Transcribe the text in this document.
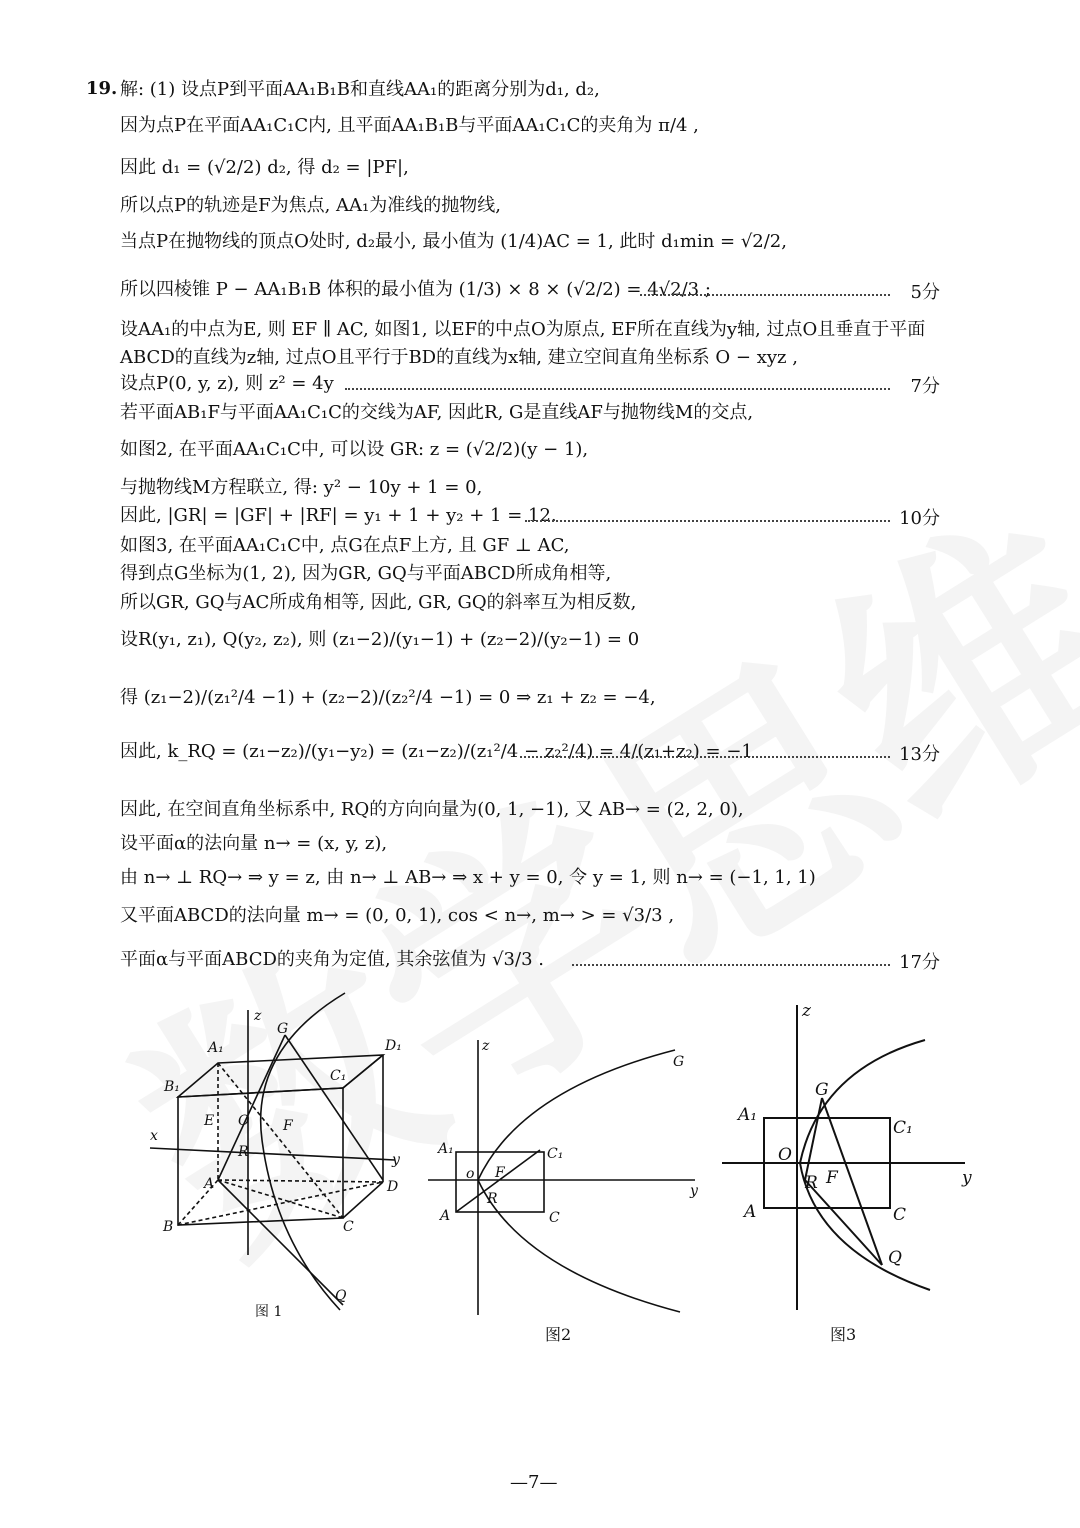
19. 解: (1) 设点P到平面AA₁B₁B和直线AA₁的距离分别为d₁, d₂,
因为点P在平面AA₁C₁C内, 且平面AA₁B₁B与平面AA₁C₁C的夹角为 π/4 ,
因此 d₁ = (√2/2) d₂, 得 d₂ = |PF|,
所以点P的轨迹是F为焦点, AA₁为准线的抛物线,
当点P在抛物线的顶点O处时, d₂最小, 最小值为 (1/4)AC = 1, 此时 d₁min = √2/2,
所以四棱锥 P − AA₁B₁B 体积的最小值为 (1/3) × 8 × (√2/2) = 4√2/3 ;	5分
设AA₁的中点为E, 则 EF ∥ AC, 如图1, 以EF的中点O为原点, EF所在直线为y轴, 过点O且垂直于平面
ABCD的直线为z轴, 过点O且平行于BD的直线为x轴, 建立空间直角坐标系 O − xyz ,
设点P(0, y, z), 则 z² = 4y	7分
若平面AB₁F与平面AA₁C₁C的交线为AF, 因此R, G是直线AF与抛物线M的交点,
如图2, 在平面AA₁C₁C中, 可以设 GR: z = (√2/2)(y − 1),
与抛物线M方程联立, 得: y² − 10y + 1 = 0,
因此, |GR| = |GF| + |RF| = y₁ + 1 + y₂ + 1 = 12.	10分
如图3, 在平面AA₁C₁C中, 点G在点F上方, 且 GF ⊥ AC,
得到点G坐标为(1, 2), 因为GR, GQ与平面ABCD所成角相等,
所以GR, GQ与AC所成角相等, 因此, GR, GQ的斜率互为相反数,
设R(y₁, z₁), Q(y₂, z₂), 则 (z₁−2)/(y₁−1) + (z₂−2)/(y₂−1) = 0
得 (z₁−2)/(z₁²/4 −1) + (z₂−2)/(z₂²/4 −1) = 0 ⇒ z₁ + z₂ = −4,
因此, k_RQ = (z₁−z₂)/(y₁−y₂) = (z₁−z₂)/(z₁²/4 − z₂²/4) = 4/(z₁+z₂) = −1	13分
因此, 在空间直角坐标系中, RQ的方向向量为(0, 1, −1), 又 AB→ = (2, 2, 0),
设平面α的法向量 n→ = (x, y, z),
由 n→ ⊥ RQ→ ⇒ y = z, 由 n→ ⊥ AB→ ⇒ x + y = 0, 令 y = 1, 则 n→ = (−1, 1, 1)
又平面ABCD的法向量 m→ = (0, 0, 1), cos < n→, m→ > = √3/3 ,
平面α与平面ABCD的夹角为定值, 其余弦值为 √3/3 .	17分
z
G
A₁	D₁
B₁
C₁
E O F
x
R	y
A	D
B	C
Q
图 1
z
G
A₁	C₁
o F
R	y
A	C
图2
z
G
A₁
C₁
O
R F	y
A	C
Q
图3
—7—
